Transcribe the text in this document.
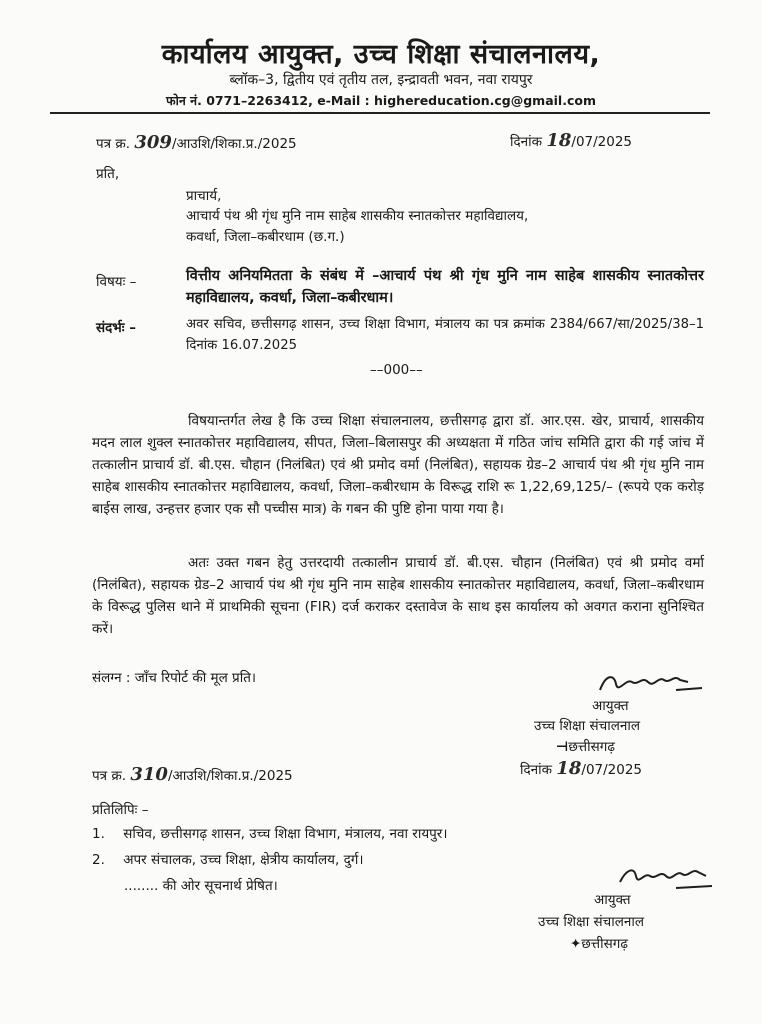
कार्यालय आयुक्त, उच्च शिक्षा संचालनालय,
ब्लॉक–3, द्वितीय एवं तृतीय तल, इन्द्रावती भवन, नवा रायपुर
फोन नं. 0771–2263412, e-Mail : highereducation.cg@gmail.com
पत्र क्र. 309/आउशि/शिका.प्र./2025	दिनांक 18/07/2025
प्रति,
प्राचार्य,
आचार्य पंथ श्री गृंध मुनि नाम साहेब शासकीय स्नातकोत्तर महाविद्यालय,
कवर्धा, जिला–कबीरधाम (छ.ग.)
विषयः –	वित्तीय अनियमितता के संबंध में –आचार्य पंथ श्री गृंध मुनि नाम साहेब शासकीय स्नातकोत्तर महाविद्यालय, कवर्धा, जिला–कबीरधाम।
संदर्भः –	अवर सचिव, छत्तीसगढ़ शासन, उच्च शिक्षा विभाग, मंत्रालय का पत्र क्रमांक 2384/667/सा/2025/38–1 दिनांक 16.07.2025
––000––
विषयान्तर्गत लेख है कि उच्च शिक्षा संचालनालय, छत्तीसगढ़ द्वारा डॉ. आर.एस. खेर, प्राचार्य, शासकीय मदन लाल शुक्ल स्नातकोत्तर महाविद्यालय, सीपत, जिला–बिलासपुर की अध्यक्षता में गठित जांच समिति द्वारा की गई जांच में तत्कालीन प्राचार्य डॉ. बी.एस. चौहान (निलंबित) एवं श्री प्रमोद वर्मा (निलंबित), सहायक ग्रेड–2 आचार्य पंथ श्री गृंध मुनि नाम साहेब शासकीय स्नातकोत्तर महाविद्यालय, कवर्धा, जिला–कबीरधाम के विरूद्ध राशि रू 1,22,69,125/– (रूपये एक करोड़ बाईस लाख, उन्हत्तर हजार एक सौ पच्चीस मात्र) के गबन की पुष्टि होना पाया गया है।
अतः उक्त गबन हेतु उत्तरदायी तत्कालीन प्राचार्य डॉ. बी.एस. चौहान (निलंबित) एवं श्री प्रमोद वर्मा (निलंबित), सहायक ग्रेड–2 आचार्य पंथ श्री गृंध मुनि नाम साहेब शासकीय स्नातकोत्तर महाविद्यालय, कवर्धा, जिला–कबीरधाम के विरूद्ध पुलिस थाने में प्राथमिकी सूचना (FIR) दर्ज कराकर दस्तावेज के साथ इस कार्यालय को अवगत कराना सुनिश्चित करें।
संलग्न : जाँच रिपोर्ट की मूल प्रति।
आयुक्त
उच्च शिक्षा संचालनाल
⊣छत्तीसगढ़
पत्र क्र. 310/आउशि/शिका.प्र./2025	दिनांक 18/07/2025
प्रतिलिपिः –
1. सचिव, छत्तीसगढ़ शासन, उच्च शिक्षा विभाग, मंत्रालय, नवा रायपुर।
2. अपर संचालक, उच्च शिक्षा, क्षेत्रीय कार्यालय, दुर्ग।
........ की ओर सूचनार्थ प्रेषित।
आयुक्त
उच्च शिक्षा संचालनाल
✦छत्तीसगढ़
